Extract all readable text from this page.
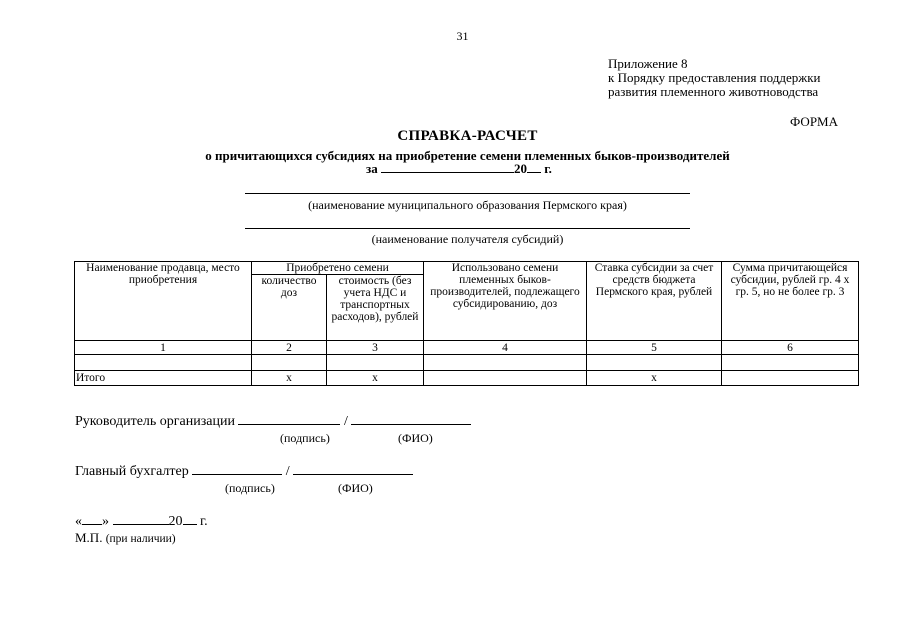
31
Приложение 8
к Порядку предоставления поддержки
развития племенного животноводства
ФОРМА
СПРАВКА-РАСЧЕТ
о причитающихся субсидиях на приобретение семени племенных быков-производителей
за	20 г.
(наименование муниципального образования Пермского края)
(наименование получателя субсидий)
Наименование продавца, место приобретения	Приобретено семени		Использовано семени племенных быков-производителей, подлежащего субсидированию, доз	Ставка субсидии за счет средств бюджета Пермского края, рублей	Сумма причитающейся субсидии, рублей гр. 4 х гр. 5, но не более гр. 3
	количество доз	стоимость (без учета НДС и транспортных расходов), рублей			
1	2	3	4	5	6

Итого	х	х		х	
Руководитель организации	/
(подпись)	(ФИО)
Главный бухгалтер	/
(подпись)	(ФИО)
« »	20 г.
М.П. (при наличии)
